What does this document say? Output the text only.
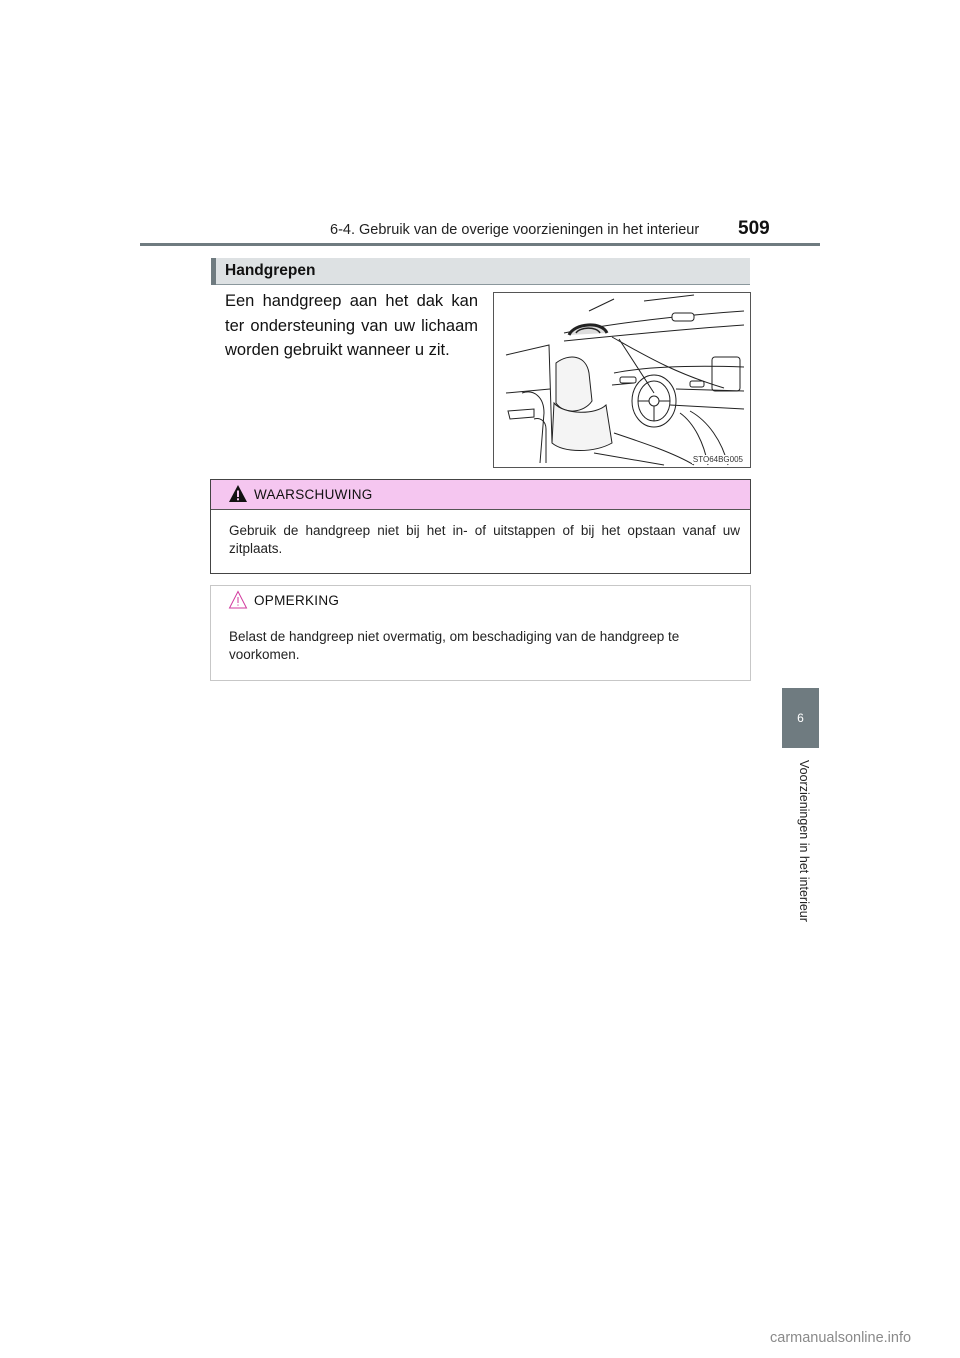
6-4. Gebruik van de overige voorzieningen in het interieur 509
6
Voorzieningen in het interieur
Handgrepen
Een handgreep aan het dak kan ter ondersteuning van uw lichaam worden gebruikt wanneer u zit.
STO64BG005
WAARSCHUWING
Gebruik de handgreep niet bij het in- of uitstappen of bij het opstaan vanaf uw zitplaats.
OPMERKING
Belast de handgreep niet overmatig, om beschadiging van de handgreep te voorkomen.
carmanualsonline.info
